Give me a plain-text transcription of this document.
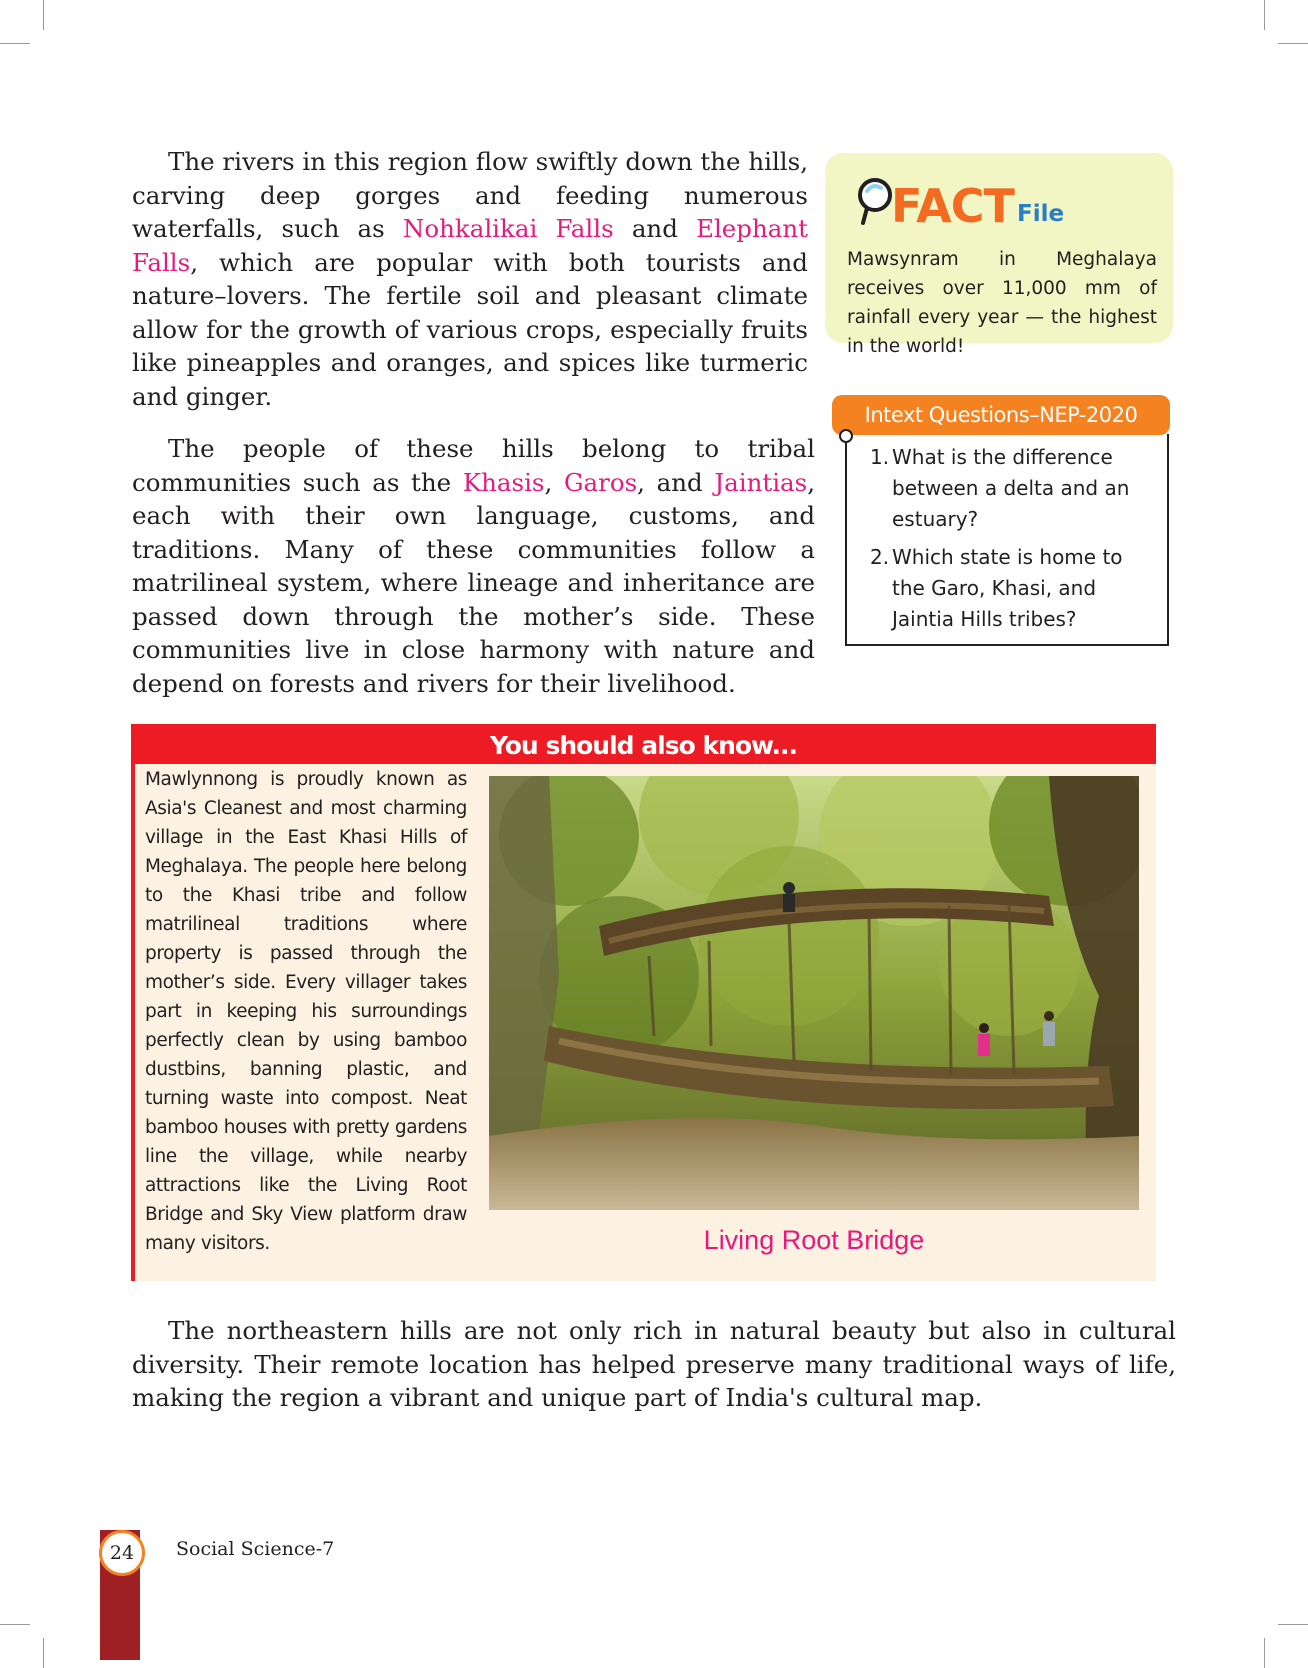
The rivers in this region flow swiftly down the hills, carving deep gorges and feeding numerous waterfalls, such as Nohkalikai Falls and Elephant Falls, which are popular with both tourists and nature–lovers. The fertile soil and pleasant climate allow for the growth of various crops, especially fruits like pineapples and oranges, and spices like turmeric and ginger.

The people of these hills belong to tribal communities such as the Khasis, Garos, and Jaintias, each with their own language, customs, and traditions. Many of these communities follow a matrilineal system, where lineage and inheritance are passed down through the mother’s side. These communities live in close harmony with nature and depend on forests and rivers for their livelihood.

FACT File

Mawsynram in Meghalaya receives over 11,000 mm of rainfall every year — the highest in the world!

Intext Questions–NEP-2020
1. What is the difference between a delta and an estuary?
2. Which state is home to the Garo, Khasi, and Jaintia Hills tribes?
You should also know...

Mawlynnong is proudly known as Asia's Cleanest and most charming village in the East Khasi Hills of Meghalaya. The people here belong to the Khasi tribe and follow matrilineal traditions where property is passed through the mother’s side. Every villager takes part in keeping his surroundings perfectly clean by using bamboo dustbins, banning plastic, and turning waste into compost. Neat bamboo houses with pretty gardens line the village, while nearby attractions like the Living Root Bridge and Sky View platform draw many visitors.	Living Root Bridge

The northeastern hills are not only rich in natural beauty but also in cultural diversity. Their remote location has helped preserve many traditional ways of life, making the region a vibrant and unique part of India's cultural map.

24	Social Science-7
